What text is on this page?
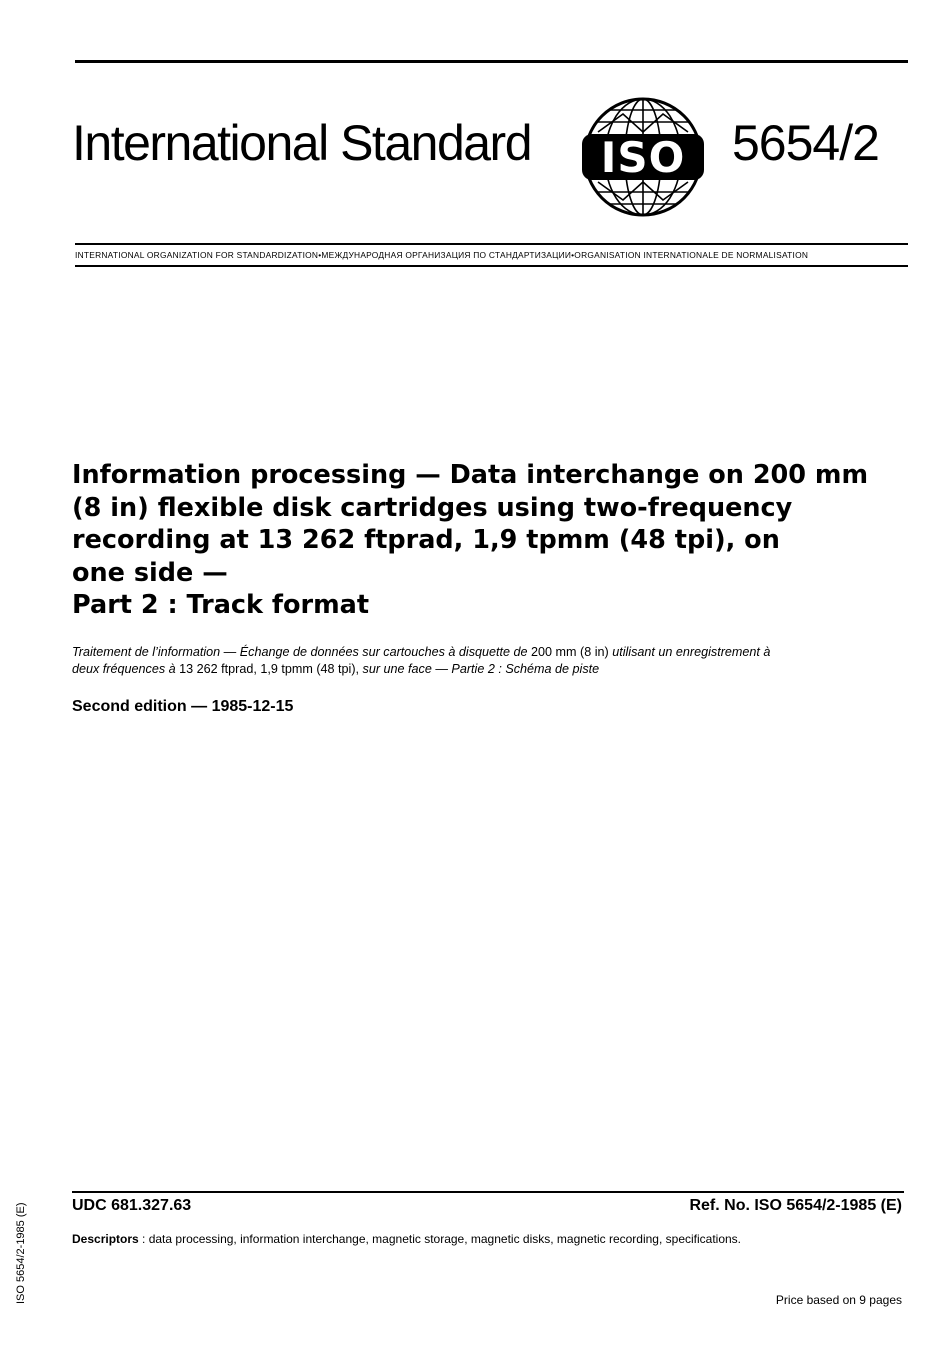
International Standard ISO 5654/2
INTERNATIONAL ORGANIZATION FOR STANDARDIZATION•МЕЖДУНАРОДНАЯ ОРГАНИЗАЦИЯ ПО СТАНДАРТИЗАЦИИ•ORGANISATION INTERNATIONALE DE NORMALISATION
Information processing — Data interchange on 200 mm
(8 in) flexible disk cartridges using two-frequency
recording at 13 262 ftprad, 1,9 tpmm (48 tpi), on
one side —
Part 2 : Track format
Traitement de l’information — Échange de données sur cartouches à disquette de 200 mm (8 in) utilisant un enregistrement à
deux fréquences à 13 262 ftprad, 1,9 tpmm (48 tpi), sur une face — Partie 2 : Schéma de piste
Second edition — 1985-12-15
UDC 681.327.63	Ref. No. ISO 5654/2-1985 (E)
Descriptors : data processing, information interchange, magnetic storage, magnetic disks, magnetic recording, specifications.
Price based on 9 pages
ISO 5654/2-1985 (E)
